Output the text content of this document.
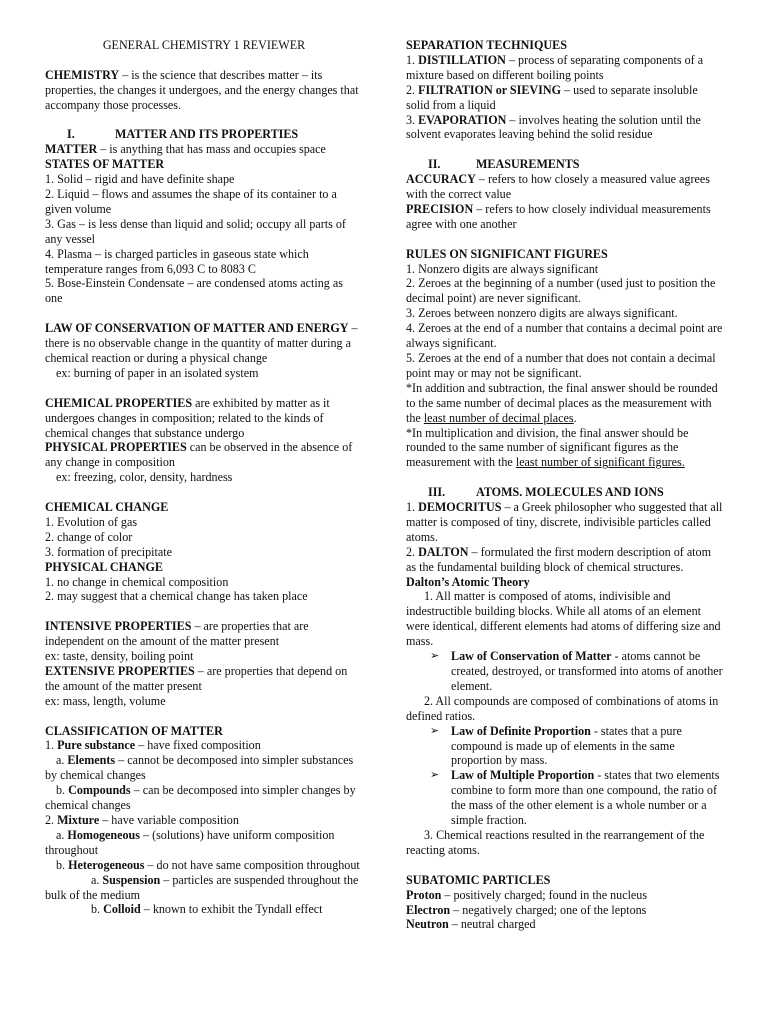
GENERAL CHEMISTRY 1 REVIEWER

CHEMISTRY – is the science that describes matter – its properties, the changes it undergoes, and the energy changes that accompany those processes.

I.	MATTER AND ITS PROPERTIES

MATTER – is anything that has mass and occupies space

STATES OF MATTER

1. Solid – rigid and have definite shape

2. Liquid – flows and assumes the shape of its container to a given volume

3. Gas – is less dense than liquid and solid; occupy all parts of any vessel

4. Plasma – is charged particles in gaseous state which temperature ranges from 6,093 C to 8083 C

5. Bose-Einstein Condensate – are condensed atoms acting as one

LAW OF CONSERVATION OF MATTER AND ENERGY – there is no observable change in the quantity of matter during a chemical reaction or during a physical change

ex: burning of paper in an isolated system

CHEMICAL PROPERTIES are exhibited by matter as it undergoes changes in composition; related to the kinds of chemical changes that substance undergo

PHYSICAL PROPERTIES can be observed in the absence of any change in composition

ex: freezing, color, density, hardness

CHEMICAL CHANGE

1. Evolution of gas

2. change of color

3. formation of precipitate

PHYSICAL CHANGE

1. no change in chemical composition

2. may suggest that a chemical change has taken place

INTENSIVE PROPERTIES – are properties that are independent on the amount of the matter present

ex: taste, density, boiling point

EXTENSIVE PROPERTIES – are properties that depend on the amount of the matter present

ex: mass, length, volume

CLASSIFICATION OF MATTER

1. Pure substance – have fixed composition

a. Elements – cannot be decomposed into simpler substances by chemical changes

b. Compounds – can be decomposed into simpler changes by chemical changes

2. Mixture – have variable composition

a. Homogeneous – (solutions) have uniform composition throughout

b. Heterogeneous – do not have same composition throughout

a. Suspension – particles are suspended throughout the bulk of the medium

b. Colloid – known to exhibit the Tyndall effect

SEPARATION TECHNIQUES

1. DISTILLATION – process of separating components of a mixture based on different boiling points

2. FILTRATION or SIEVING – used to separate insoluble solid from a liquid

3. EVAPORATION – involves heating the solution until the solvent evaporates leaving behind the solid residue

II.	MEASUREMENTS

ACCURACY – refers to how closely a measured value agrees with the correct value

PRECISION – refers to how closely individual measurements agree with one another

RULES ON SIGNIFICANT FIGURES

1. Nonzero digits are always significant

2. Zeroes at the beginning of a number (used just to position the decimal point) are never significant.

3. Zeroes between nonzero digits are always significant.

4. Zeroes at the end of a number that contains a decimal point are always significant.

5. Zeroes at the end of a number that does not contain a decimal point may or may not be significant.

*In addition and subtraction, the final answer should be rounded to the same number of decimal places as the measurement with the least number of decimal places.

*In multiplication and division, the final answer should be rounded to the same number of significant figures as the measurement with the least number of significant figures.

III.	ATOMS. MOLECULES AND IONS

1. DEMOCRITUS – a Greek philosopher who suggested that all matter is composed of tiny, discrete, indivisible particles called atoms.

2. DALTON – formulated the first modern description of atom as the fundamental building block of chemical structures.

Dalton’s Atomic Theory

1. All matter is composed of atoms, indivisible and indestructible building blocks. While all atoms of an element were identical, different elements had atoms of differing size and mass.

➢ Law of Conservation of Matter - atoms cannot be created, destroyed, or transformed into atoms of another element.

2. All compounds are composed of combinations of atoms in defined ratios.

➢ Law of Definite Proportion - states that a pure compound is made up of elements in the same proportion by mass.

➢ Law of Multiple Proportion - states that two elements combine to form more than one compound, the ratio of the mass of the other element is a whole number or a simple fraction.

3. Chemical reactions resulted in the rearrangement of the reacting atoms.

SUBATOMIC PARTICLES

Proton – positively charged; found in the nucleus

Electron – negatively charged; one of the leptons

Neutron – neutral charged
